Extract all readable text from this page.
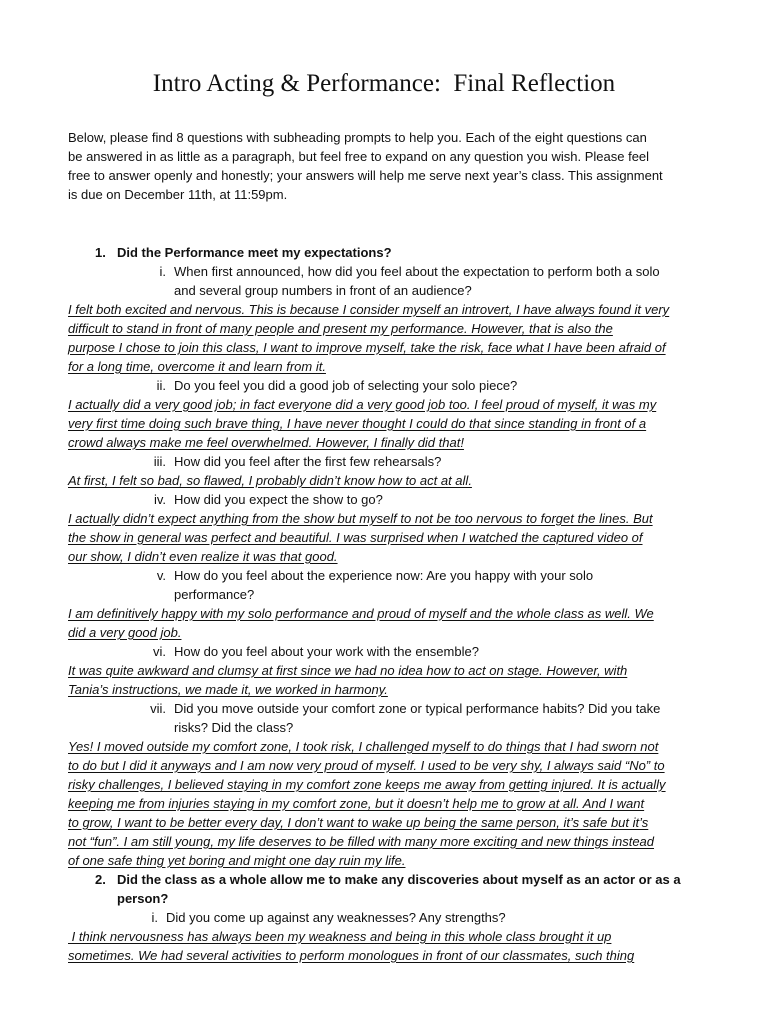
Intro Acting & Performance:  Final Reflection
Below, please find 8 questions with subheading prompts to help you. Each of the eight questions can
be answered in as little as a paragraph, but feel free to expand on any question you wish. Please feel
free to answer openly and honestly; your answers will help me serve next year’s class. This assignment
is due on December 11th, at 11:59pm.
1. Did the Performance meet my expectations?
i. When first announced, how did you feel about the expectation to perform both a solo
and several group numbers in front of an audience?
I felt both excited and nervous. This is because I consider myself an introvert, I have always found it very
difficult to stand in front of many people and present my performance. However, that is also the
purpose I chose to join this class, I want to improve myself, take the risk, face what I have been afraid of
for a long time, overcome it and learn from it.
ii. Do you feel you did a good job of selecting your solo piece?
I actually did a very good job; in fact everyone did a very good job too. I feel proud of myself, it was my
very first time doing such brave thing, I have never thought I could do that since standing in front of a
crowd always make me feel overwhelmed. However, I finally did that!
iii. How did you feel after the first few rehearsals?
At first, I felt so bad, so flawed, I probably didn’t know how to act at all.
iv. How did you expect the show to go?
I actually didn’t expect anything from the show but myself to not be too nervous to forget the lines. But
the show in general was perfect and beautiful. I was surprised when I watched the captured video of
our show, I didn’t even realize it was that good.
v. How do you feel about the experience now: Are you happy with your solo
performance?
I am definitively happy with my solo performance and proud of myself and the whole class as well. We
did a very good job.
vi. How do you feel about your work with the ensemble?
It was quite awkward and clumsy at first since we had no idea how to act on stage. However, with
Tania’s instructions, we made it, we worked in harmony.
vii. Did you move outside your comfort zone or typical performance habits? Did you take
risks? Did the class?
Yes! I moved outside my comfort zone, I took risk, I challenged myself to do things that I had sworn not
to do but I did it anyways and I am now very proud of myself. I used to be very shy, I always said “No” to
risky challenges, I believed staying in my comfort zone keeps me away from getting injured. It is actually
keeping me from injuries staying in my comfort zone, but it doesn’t help me to grow at all. And I want
to grow, I want to be better every day, I don’t want to wake up being the same person, it’s safe but it’s
not “fun”. I am still young, my life deserves to be filled with many more exciting and new things instead
of one safe thing yet boring and might one day ruin my life.
2. Did the class as a whole allow me to make any discoveries about myself as an actor or as a
person?
i. Did you come up against any weaknesses? Any strengths?
I think nervousness has always been my weakness and being in this whole class brought it up
sometimes. We had several activities to perform monologues in front of our classmates, such thing
